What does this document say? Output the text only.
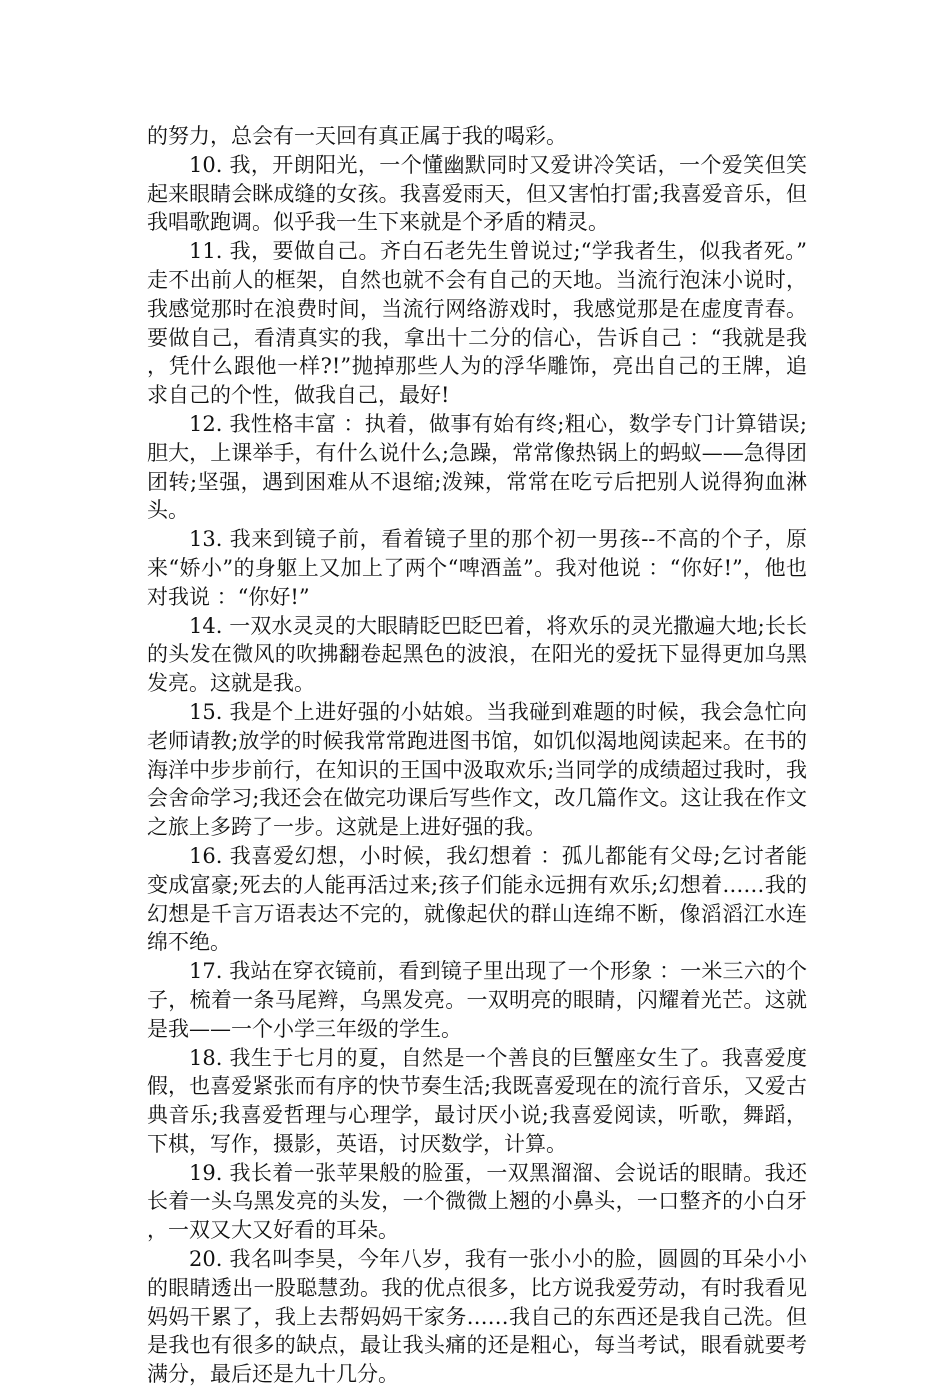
的努力，总会有一天回有真正属于我的喝彩。

10. 我，开朗阳光，一个懂幽默同时又爱讲冷笑话，一个爱笑但笑起来眼睛会眯成缝的女孩。我喜爱雨天，但又害怕打雷;我喜爱音乐，但我唱歌跑调。似乎我一生下来就是个矛盾的精灵。

11. 我，要做自己。齐白石老先生曾说过;“学我者生，似我者死。”走不出前人的框架，自然也就不会有自己的天地。当流行泡沫小说时，我感觉那时在浪费时间，当流行网络游戏时，我感觉那是在虚度青春。要做自己，看清真实的我，拿出十二分的信心，告诉自己 ：“我就是我，凭什么跟他一样?!”抛掉那些人为的浮华雕饰，亮出自己的王牌，追求自己的个性，做我自己，最好!

12. 我性格丰富 ：执着，做事有始有终;粗心，数学专门计算错误;胆大，上课举手，有什么说什么;急躁，常常像热锅上的蚂蚁——急得团团转;坚强，遇到困难从不退缩;泼辣，常常在吃亏后把别人说得狗血淋头。

13. 我来到镜子前，看着镜子里的那个初一男孩--不高的个子，原来“娇小”的身躯上又加上了两个“啤酒盖”。我对他说 ：“你好!”，他也对我说 ：“你好!”

14. 一双水灵灵的大眼睛眨巴眨巴着，将欢乐的灵光撒遍大地;长长的头发在微风的吹拂翻卷起黑色的波浪，在阳光的爱抚下显得更加乌黑发亮。这就是我。

15. 我是个上进好强的小姑娘。当我碰到难题的时候，我会急忙向老师请教;放学的时候我常常跑进图书馆，如饥似渴地阅读起来。在书的海洋中步步前行，在知识的王国中汲取欢乐;当同学的成绩超过我时，我会舍命学习;我还会在做完功课后写些作文，改几篇作文。这让我在作文之旅上多跨了一步。这就是上进好强的我。

16. 我喜爱幻想，小时候，我幻想着 ：孤儿都能有父母;乞讨者能变成富豪;死去的人能再活过来;孩子们能永远拥有欢乐;幻想着……我的幻想是千言万语表达不完的，就像起伏的群山连绵不断，像滔滔江水连绵不绝。

17. 我站在穿衣镜前，看到镜子里出现了一个形象 ：一米三六的个子，梳着一条马尾辫，乌黑发亮。一双明亮的眼睛，闪耀着光芒。这就是我——一个小学三年级的学生。

18. 我生于七月的夏，自然是一个善良的巨蟹座女生了。我喜爱度假，也喜爱紧张而有序的快节奏生活;我既喜爱现在的流行音乐，又爱古典音乐;我喜爱哲理与心理学，最讨厌小说;我喜爱阅读，听歌，舞蹈，下棋，写作，摄影，英语，讨厌数学，计算。

19. 我长着一张苹果般的脸蛋，一双黑溜溜、会说话的眼睛。我还长着一头乌黑发亮的头发，一个微微上翘的小鼻头，一口整齐的小白牙，一双又大又好看的耳朵。

20. 我名叫李昊，今年八岁，我有一张小小的脸，圆圆的耳朵小小的眼睛透出一股聪慧劲。我的优点很多，比方说我爱劳动，有时我看见妈妈干累了，我上去帮妈妈干家务……我自己的东西还是我自己洗。但是我也有很多的缺点，最让我头痛的还是粗心，每当考试，眼看就要考满分，最后还是九十几分。
